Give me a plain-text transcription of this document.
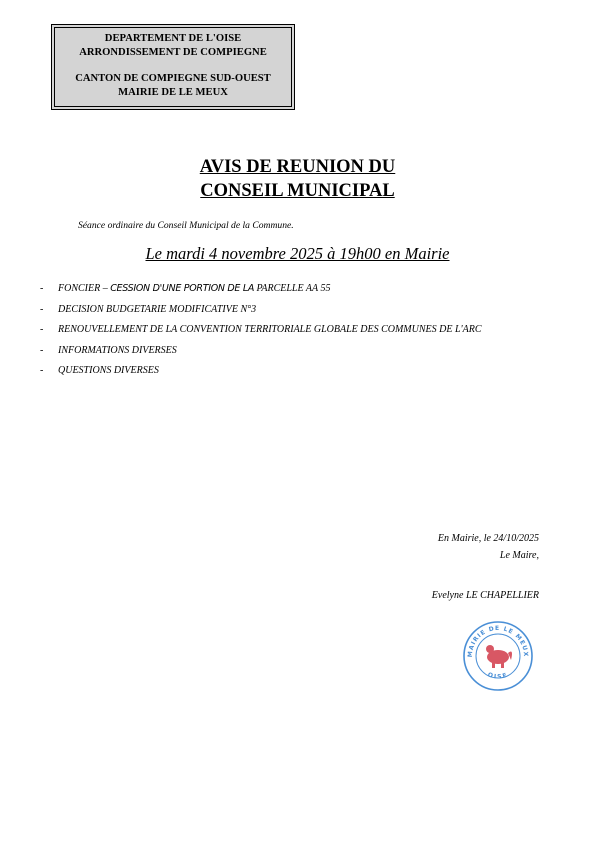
DEPARTEMENT DE L'OISE
ARRONDISSEMENT DE COMPIEGNE
CANTON DE COMPIEGNE SUD-OUEST
MAIRIE DE LE MEUX
AVIS DE REUNION DU
CONSEIL MUNICIPAL
Séance ordinaire du Conseil Municipal de la Commune.
Le mardi 4 novembre 2025 à 19h00 en Mairie
- FONCIER – CESSION D'UNE PORTION DE LA PARCELLE AA 55
- DECISION BUDGETARIE MODIFICATIVE N°3
- RENOUVELLEMENT DE LA CONVENTION TERRITORIALE GLOBALE DES COMMUNES DE L'ARC
- INFORMATIONS DIVERSES
- QUESTIONS DIVERSES
En Mairie, le 24/10/2025
Le Maire,
Evelyne LE CHAPELLIER
MAIRIE DE LE MEUX
OISE
